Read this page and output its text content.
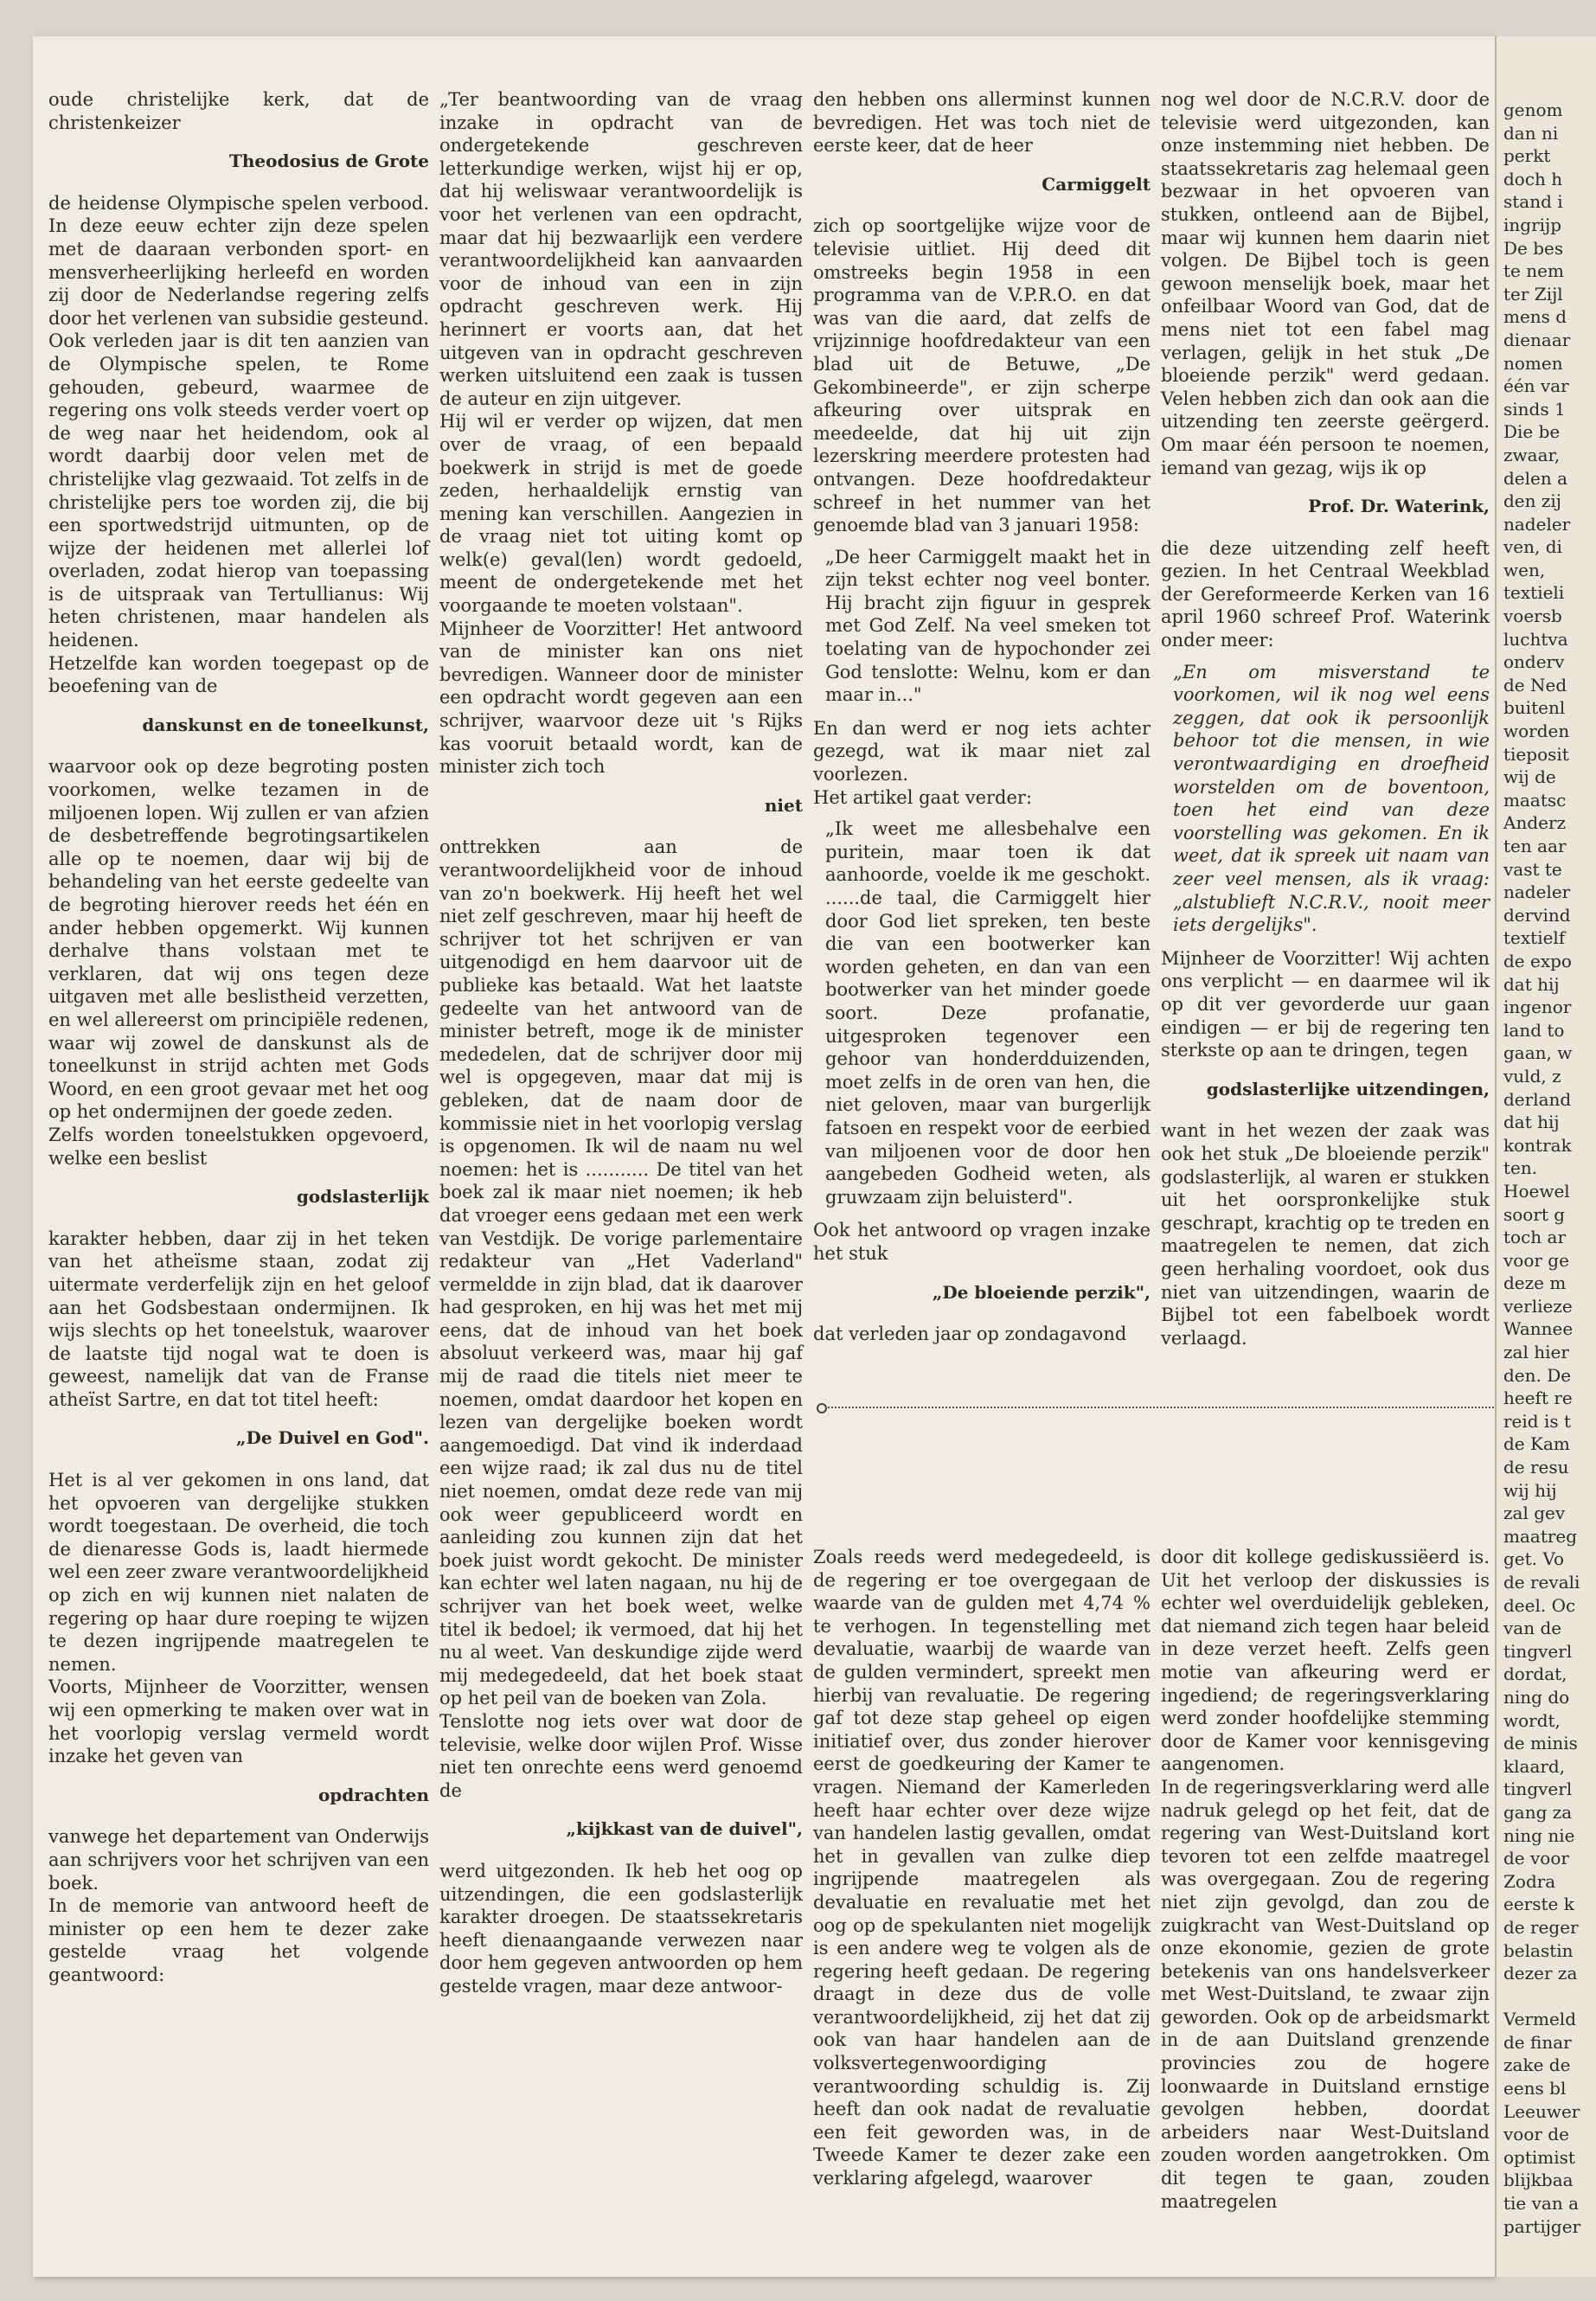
oude christelijke kerk, dat de christenkeizer

Theodosius de Grote

de heidense Olympische spelen verbood. In deze eeuw echter zijn deze spelen met de daaraan verbonden sport- en mensverheerlijking herleefd en worden zij door de Nederlandse regering zelfs door het verlenen van subsidie gesteund. Ook verleden jaar is dit ten aanzien van de Olympische spelen, te Rome gehouden, gebeurd, waarmee de regering ons volk steeds verder voert op de weg naar het heidendom, ook al wordt daarbij door velen met de christelijke vlag gezwaaid. Tot zelfs in de christelijke pers toe worden zij, die bij een sportwedstrijd uitmunten, op de wijze der heidenen met allerlei lof overladen, zodat hierop van toepassing is de uitspraak van Tertullianus: Wij heten christenen, maar handelen als heidenen.

Hetzelfde kan worden toegepast op de beoefening van de

danskunst en de toneelkunst,

waarvoor ook op deze begroting posten voorkomen, welke tezamen in de miljoenen lopen. Wij zullen er van afzien de desbetreffende begrotingsartikelen alle op te noemen, daar wij bij de behandeling van het eerste gedeelte van de begroting hierover reeds het één en ander hebben opgemerkt. Wij kunnen derhalve thans volstaan met te verklaren, dat wij ons tegen deze uitgaven met alle beslistheid verzetten, en wel allereerst om principiële redenen, waar wij zowel de danskunst als de toneelkunst in strijd achten met Gods Woord, en een groot gevaar met het oog op het ondermijnen der goede zeden.

Zelfs worden toneelstukken opgevoerd, welke een beslist

godslasterlijk

karakter hebben, daar zij in het teken van het atheïsme staan, zodat zij uitermate verderfelijk zijn en het geloof aan het Godsbestaan ondermijnen. Ik wijs slechts op het toneelstuk, waarover de laatste tijd nogal wat te doen is geweest, namelijk dat van de Franse atheïst Sartre, en dat tot titel heeft:

„De Duivel en God".

Het is al ver gekomen in ons land, dat het opvoeren van dergelijke stukken wordt toegestaan. De overheid, die toch de dienaresse Gods is, laadt hiermede wel een zeer zware verantwoordelijkheid op zich en wij kunnen niet nalaten de regering op haar dure roeping te wijzen te dezen ingrijpende maatregelen te nemen.

Voorts, Mijnheer de Voorzitter, wensen wij een opmerking te maken over wat in het voorlopig verslag vermeld wordt inzake het geven van

opdrachten

vanwege het departement van Onderwijs aan schrijvers voor het schrijven van een boek.

In de memorie van antwoord heeft de minister op een hem te dezer zake gestelde vraag het volgende geantwoord:

„Ter beantwoording van de vraag inzake in opdracht van de ondergetekende geschreven letterkundige werken, wijst hij er op, dat hij weliswaar verantwoordelijk is voor het verlenen van een opdracht, maar dat hij bezwaarlijk een verdere verantwoordelijkheid kan aanvaarden voor de inhoud van een in zijn opdracht geschreven werk. Hij herinnert er voorts aan, dat het uitgeven van in opdracht geschreven werken uitsluitend een zaak is tussen de auteur en zijn uitgever.

Hij wil er verder op wijzen, dat men over de vraag, of een bepaald boekwerk in strijd is met de goede zeden, herhaaldelijk ernstig van mening kan verschillen. Aangezien in de vraag niet tot uiting komt op welk(e) geval(len) wordt gedoeld, meent de ondergetekende met het voorgaande te moeten volstaan".

Mijnheer de Voorzitter! Het antwoord van de minister kan ons niet bevredigen. Wanneer door de minister een opdracht wordt gegeven aan een schrijver, waarvoor deze uit 's Rijks kas vooruit betaald wordt, kan de minister zich toch

niet

onttrekken aan de verantwoordelijkheid voor de inhoud van zo'n boekwerk. Hij heeft het wel niet zelf geschreven, maar hij heeft de schrijver tot het schrijven er van uitgenodigd en hem daarvoor uit de publieke kas betaald. Wat het laatste gedeelte van het antwoord van de minister betreft, moge ik de minister mededelen, dat de schrijver door mij wel is opgegeven, maar dat mij is gebleken, dat de naam door de kommissie niet in het voorlopig verslag is opgenomen. Ik wil de naam nu wel noemen: het is ........... De titel van het boek zal ik maar niet noemen; ik heb dat vroeger eens gedaan met een werk van Vestdijk. De vorige parlementaire redakteur van „Het Vaderland" vermeldde in zijn blad, dat ik daarover had gesproken, en hij was het met mij eens, dat de inhoud van het boek absoluut verkeerd was, maar hij gaf mij de raad die titels niet meer te noemen, omdat daardoor het kopen en lezen van dergelijke boeken wordt aangemoedigd. Dat vind ik inderdaad een wijze raad; ik zal dus nu de titel niet noemen, omdat deze rede van mij ook weer gepubliceerd wordt en aanleiding zou kunnen zijn dat het boek juist wordt gekocht. De minister kan echter wel laten nagaan, nu hij de schrijver van het boek weet, welke titel ik bedoel; ik vermoed, dat hij het nu al weet. Van deskundige zijde werd mij medegedeeld, dat het boek staat op het peil van de boeken van Zola.

Tenslotte nog iets over wat door de televisie, welke door wijlen Prof. Wisse niet ten onrechte eens werd genoemd de

„kijkkast van de duivel",

werd uitgezonden. Ik heb het oog op uitzendingen, die een godslasterlijk karakter droegen. De staatssekretaris heeft dienaangaande verwezen naar door hem gegeven antwoorden op hem gestelde vragen, maar deze antwoor-

den hebben ons allerminst kunnen bevredigen. Het was toch niet de eerste keer, dat de heer

Carmiggelt

zich op soortgelijke wijze voor de televisie uitliet. Hij deed dit omstreeks begin 1958 in een programma van de V.P.R.O. en dat was van die aard, dat zelfs de vrijzinnige hoofdredakteur van een blad uit de Betuwe, „De Gekombineerde", er zijn scherpe afkeuring over uitsprak en meedeelde, dat hij uit zijn lezerskring meerdere protesten had ontvangen. Deze hoofdredakteur schreef in het nummer van het genoemde blad van 3 januari 1958:

„De heer Carmiggelt maakt het in zijn tekst echter nog veel bonter. Hij bracht zijn figuur in gesprek met God Zelf. Na veel smeken tot toelating van de hypochonder zei God tenslotte: Welnu, kom er dan maar in..."

En dan werd er nog iets achter gezegd, wat ik maar niet zal voorlezen.

Het artikel gaat verder:

„Ik weet me allesbehalve een puritein, maar toen ik dat aanhoorde, voelde ik me geschokt. ......de taal, die Carmiggelt hier door God liet spreken, ten beste die van een bootwerker kan worden geheten, en dan van een bootwerker van het minder goede soort. Deze profanatie, uitgesproken tegenover een gehoor van honderdduizenden, moet zelfs in de oren van hen, die niet geloven, maar van burgerlijk fatsoen en respekt voor de eerbied van miljoenen voor de door hen aangebeden Godheid weten, als gruwzaam zijn beluisterd".

Ook het antwoord op vragen inzake het stuk

„De bloeiende perzik",

dat verleden jaar op zondagavond

nog wel door de N.C.R.V. door de televisie werd uitgezonden, kan onze instemming niet hebben. De staatssekretaris zag helemaal geen bezwaar in het opvoeren van stukken, ontleend aan de Bijbel, maar wij kunnen hem daarin niet volgen. De Bijbel toch is geen gewoon menselijk boek, maar het onfeilbaar Woord van God, dat de mens niet tot een fabel mag verlagen, gelijk in het stuk „De bloeiende perzik" werd gedaan. Velen hebben zich dan ook aan die uitzending ten zeerste geërgerd. Om maar één persoon te noemen, iemand van gezag, wijs ik op

Prof. Dr. Waterink,

die deze uitzending zelf heeft gezien. In het Centraal Weekblad der Gereformeerde Kerken van 16 april 1960 schreef Prof. Waterink onder meer:

„En om misverstand te voorkomen, wil ik nog wel eens zeggen, dat ook ik persoonlijk behoor tot die mensen, in wie verontwaardiging en droefheid worstelden om de boventoon, toen het eind van deze voorstelling was gekomen. En ik weet, dat ik spreek uit naam van zeer veel mensen, als ik vraag: „alstublieft N.C.R.V., nooit meer iets dergelijks".

Mijnheer de Voorzitter! Wij achten ons verplicht — en daarmee wil ik op dit ver gevorderde uur gaan eindigen — er bij de regering ten sterkste op aan te dringen, tegen

godslasterlijke uitzendingen,

want in het wezen der zaak was ook het stuk „De bloeiende perzik" godslasterlijk, al waren er stukken uit het oorspronkelijke stuk geschrapt, krachtig op te treden en maatregelen te nemen, dat zich geen herhaling voordoet, ook dus niet van uitzendingen, waarin de Bijbel tot een fabelboek wordt verlaagd.

Zoals reeds werd medegedeeld, is de regering er toe overgegaan de waarde van de gulden met 4,74 % te verhogen. In tegenstelling met devaluatie, waarbij de waarde van de gulden vermindert, spreekt men hierbij van revaluatie. De regering gaf tot deze stap geheel op eigen initiatief over, dus zonder hierover eerst de goedkeuring der Kamer te vragen. Niemand der Kamerleden heeft haar echter over deze wijze van handelen lastig gevallen, omdat het in gevallen van zulke diep ingrijpende maatregelen als devaluatie en revaluatie met het oog op de spekulanten niet mogelijk is een andere weg te volgen als de regering heeft gedaan. De regering draagt in deze dus de volle verantwoordelijkheid, zij het dat zij ook van haar handelen aan de volksvertegenwoordiging verantwoording schuldig is. Zij heeft dan ook nadat de revaluatie een feit geworden was, in de Tweede Kamer te dezer zake een verklaring afgelegd, waarover

door dit kollege gediskussiëerd is. Uit het verloop der diskussies is echter wel overduidelijk gebleken, dat niemand zich tegen haar beleid in deze verzet heeft. Zelfs geen motie van afkeuring werd er ingediend; de regeringsverklaring werd zonder hoofdelijke stemming door de Kamer voor kennisgeving aangenomen.

In de regeringsverklaring werd alle nadruk gelegd op het feit, dat de regering van West-Duitsland kort tevoren tot een zelfde maatregel was overgegaan. Zou de regering niet zijn gevolgd, dan zou de zuigkracht van West-Duitsland op onze ekonomie, gezien de grote betekenis van ons handelsverkeer met West-Duitsland, te zwaar zijn geworden. Ook op de arbeidsmarkt in de aan Duitsland grenzende provincies zou de hogere loonwaarde in Duitsland ernstige gevolgen hebben, doordat arbeiders naar West-Duitsland zouden worden aangetrokken. Om dit tegen te gaan, zouden maatregelen

genom

dan ni

perkt

doch h

stand i

ingrijp

De bes

te nem

ter Zijl

mens d

dienaar

nomen

één var

sinds 1

Die be

zwaar,

delen a

den zij

nadeler

ven, di

wen,

textieli

voersb

luchtva

onderv

de Ned

buitenl

worden

tieposit

wij de

maatsc

Anderz

ten aar

vast te

nadeler

dervind

textielf

de expo

dat hij

ingenor

land to

gaan, w

vuld, z

derland

dat hij

kontrak

ten.

Hoewel

soort g

toch ar

voor ge

deze m

verlieze

Wannee

zal hier

den. De

heeft re

reid is t

de Kam

de resu

wij hij

zal gev

maatreg

get. Vo

de revali

deel. Oc

van de

tingverl

dordat,

ning do

wordt,

de minis

klaard,

tingverl

gang za

ning nie

de voor

Zodra

eerste k

de reger

belastin

dezer za

Vermeld

de finar

zake de

eens bl

Leeuwer

voor de

optimist

blijkbaa

tie van a

partijger
